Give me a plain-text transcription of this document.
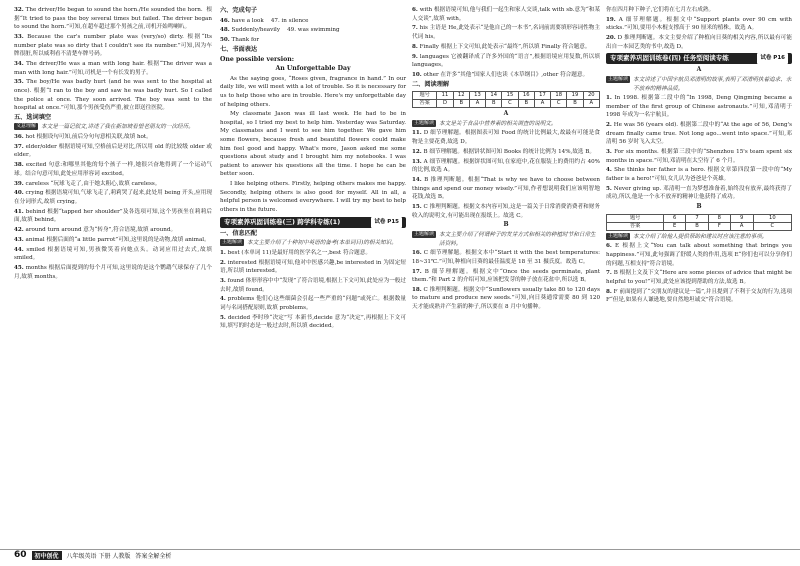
32. The driver/He began to sound the horn./He sounded the horn.  根据“It tried to pass the boy several times but failed. The driver began to sound the horn.”可知,在超车超过那个男孩之前,司机开始鸣喇叭。
33. Because the car's number plate was (very/so) dirty. 根据“Its number plate was so dirty that I couldn't see its number.”可知,因为车牌很脏,所以威利看不清楚车牌号码。
34. The driver/He was a man with long hair. 根据“The driver was a man with long hair.”可知,司机是一个有长发的男子。
35. The boy/He was badly hurt (and he was sent to the hospital at once). 根据“I ran to the boy and saw he was badly hurt. So I called the police at once. They soon arrived. The boy was sent to the hospital at once.”可知,那个男孩受伤严重,被立即送往医院。
五、选词填空
文意理解 本文是一篇记叙文,讲述了我在新加坡看望老朋友的一次经历。
36. hot 根据设句可知,前后分句句意相关联,故填 hot。
37. elder/older 根据语境可知,空格前后是对比,所以用 old 的比较级 older 或 elder。
38. excited 句意:和哪里其他的每个孩子一样,她很兴奋地得到了一个运动气球。结合句意可知,此处应用形容词 excited。
39. careless “玩球飞走了,由于她太粗心,故填 careless。
40. crying 根据语境可知,气球飞走了,莉莉哭了起来,此处用 being 开头,应用现在分词形式,故填 crying。
41. behind 根据“tapped her shoulder”及各选项可知,这个男孩坐在莉莉后面,故填 behind。
42. around turn around 意为“转身”,符合语境,故填 around。
43. animal 根据后面的“a little parrot”可知,这里说的是动物,故填 animal。
44. smiled 根据语境可知,男孩微笑着向她点头。动词应用过去式,故填 smiled。
45. months 根据后面提到的每个月可知,这里说的是这个鹦鹉气球保存了几个月,故填 months。
六、完成句子
46. have a look    47. in silence
48. Suddenly/heavily    49. was swimming
50. Thank for
七、书面表达
One possible version:
An Unforgettable Day
As the saying goes, “Roses given, fragrance in hand.” In our daily life, we will meet with a lot of trouble. So it is necessary for us to help those who are in trouble. Here's my unforgettable day of helping others.
My classmate Jason was ill last week. He had to be in hospital, so I tried my best to help him. Yesterday was Saturday. My classmates and I went to see him together. We gave him some flowers, because fresh and beautiful flowers could make him feel good and happy. What's more, Jason asked me some questions about study and I brought him my notebooks. I was patient to answer his questions all the time. I hope he can be better soon.
I like helping others. Firstly, helping others makes me happy. Secondly, helping others is also good for myself. All in all, a helpful person is welcomed everywhere. I will try my best to help others in the future.
专项素养巩固训练卷(三) 跨学科专练(1)	试卷 P15
一、信息匹配
主题解读 本文主要介绍了十种初中英语的备考(本单词目)的相关知识。
1. best (本单词 11)是最好用的医学名之一,best 符合题意。
2. interested 根据语境可知,他对中医感兴趣,be interested in 为固定短语,所以填 interested。
3. found 体形形容中中“发现”了符合语境,根据上下文可知,此处应为一般过去时,故填 found。
4. problems 他们心这些细菌会引起一些严重的“问题”或死亡。根据数量词与名词搭配原则,故填 problems。
5. decided 李时珍“决定”写 本新书,decide 意为“决定”,再根据上下文可知,填写的时态是一般过去时,所以填 decided。
6. with 根据语境可知,他与我们一起生和家人交谈,talk with sb.意为“和某人交谈”,故填 with。
7. his 主语是 He,此处表示“是他自己的一本书”,名词前需要填形容词性物主代词 his。
8. Finally 根据上下文可知,此处表示“最终”,所以填 Finally 符合题意。
9. languages 它被翻译成了许多外国的“语言”,根据语境应用复数,所以填 languages。
10. other 在许多“其他”国家人们也读《本草纲目》,other 符合题意。
二、阅读理解
题号	11	12	13	14	15	16	17	18	19	20
答案	D	B	A	B	C	B	A	C	B	A
A
主题解读 本文是关于食品中营养素的相关调查的说明文。
11. D 细节理解题。根据图表可知 Food 的统计比例最大,故最有可能是食物是主要花费,故选 D。
12. B 细节理解题。根据饼状图可知 Books 的统计比例为 14%,故选 B。
13. A 细节理解题。根据饼状图可知,在家庭中,花在服装上的费用约占 40%的比例,故选 A。
14. B 推理判断题。根据“That is why we have to choose between things and spend our money wisely.”可知,作者想说明我们应该明智地花钱,故选 B。
15. C 推理判断题。根据文本内容可知,这是一篇关于日常消费消费者和财务收入的说明文,有可能出现在报纸上。故选 C。
B
主题解读 本文主要介绍了何谓种子的发芽方式和相关的种植时节和日常生活资料。
16. C 细节理解题。根据文本中“Start it with the best temperatures: 18~31℃.”可知,种植向日葵的最佳温度是 18 至 31 摄氏度。故选 C。
17. B 细节理解题。根据文中“Once the seeds germinate, plant them.”和 Part 2 的介绍可知,应该把发芽的种子放在花盆中,所以选 B。
18. C 推理判断题。根据文中“Sunflowers usually take 80 to 120 days to mature and produce new seeds.”可知,向日葵通常需要 80 到 120 天才能成熟并产生新的种子,所以要在 8 月中旬播种。
你在四月种下种子,它们将在七月左右成熟。
19. A 细节理解题。根据文中“Support plants over 90 cm with sticks.”可知,要用小木棍支撑高于 90 厘米的植株。故选 A。
20. D 推理判断题。本文主要介绍了种植向日葵的相关内容,所以最有可能出自一本园艺类的书中,故选 D。
专项素养巩固训练卷(四) 任务型阅读专练	试卷 P16
A
主题解读 本文讲述了中国宇航员邓清明的故事,表明了邓清明执着追求、永不放弃的精神品质。
1. In 1998. 根据第二段中的“In 1998, Deng Qingming became a member of the first group of Chinese astronauts.”可知,邓清明于 1998 年成为一名宇航员。
2. He was 56 (years old). 根据第二段中的“At the age of 56, Deng's dream finally came true. Not long ago...went into space.”可知,邓清明 56 岁时飞入太空。
3. For six months. 根据第三段中的“Shenzhou 15's team spent six months in space.”可知,邓清明在太空待了 6 个月。
4. She thinks her father is a hero. 根据文章第四段第一段中的“My father is a hero!”可知,女儿认为爸爸是个英雄。
5. Never giving up. 邓清明一直为梦想准备着,始终没有放弃,最终获得了成功,所以,他是一个永不放弃的精神让他获得了成功。
B
题号	6	7	8	9	10
答案	E	B	F	A	C
主题解读 本文介绍了给他人提供帮助和建议时应该注意的事项。
6. E 根据上文“You can talk about something that brings you happiness.”可知,此句强调了舒缓人类的作用,选项 E“你们也可以分享你们的问题,互相支持”符合语境。
7. B 根据上文及下文“Here are some pieces of advice that might be helpful to you!”可知,此处应该提到帮助的方法,故选 B。
8. F 前面提到了“交朋友的建议是一篇”,并且提到了不利于交友的行为,选项 F“但是,如果有人谦逊地,要自然地坦诚交”符合语境。
60	初中创优	八年级英语 下册 人教版 答案全解全析
